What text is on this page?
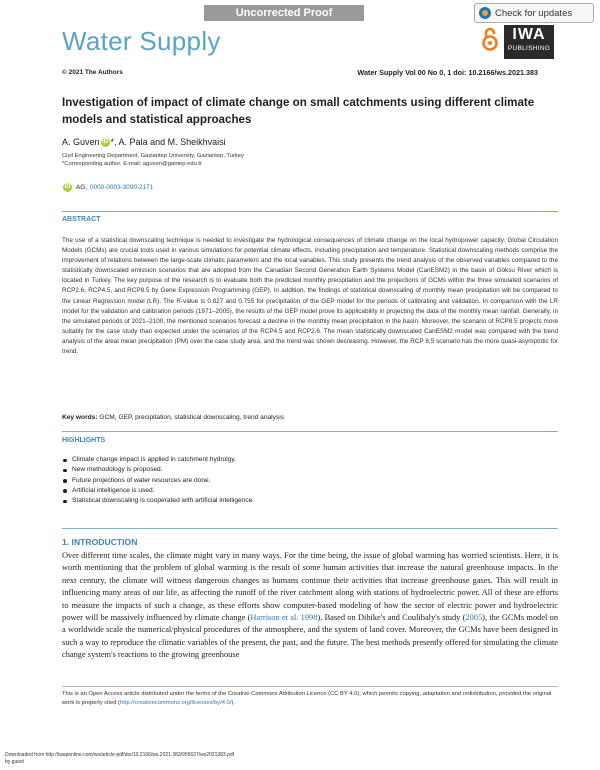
Uncorrected Proof	Check for updates
Water Supply	IWA
PUBLISHING
© 2021 The Authors	Water Supply Vol 00 No 0, 1 doi: 10.2166/ws.2021.383
Investigation of impact of climate change on small catchments using different climate models and statistical approaches
A. Guven iD * , A. Pala and M. Sheikhvaisi
Civil Engineering Department, Gaziantep University, Gaziantep, Turkey
*Corresponding author. E-mail: aguven@gantep.edu.tr
iD AG, 0000-0003-3090-2171
ABSTRACT
The use of a statistical downscaling technique is needed to investigate the hydrological consequences of climate change on the local hydropower capacity. Global Circulation Models (GCMs) are crucial tools used in various simulations for potential climate effects, including precipitation and temperature. Statistical downscaling methods comprise the improvement of relations between the large-scale climatic parameters and the local variables. This study presents the trend analysis of the observed variables compared to the statistically downscaled emission scenarios that are adopted from the Canadian Second Generation Earth Systems Model (CanESM2) in the basin of Göksu River which is located in Turkey. The key purpose of the research is to evaluate both the predicted monthly precipitation and the projections of GCMs within the three simulated scenarios of RCP2.6, RCP4.5, and RCP8.5 by Gene Expression Programming (GEP). In addition, the findings of statistical downscaling of monthly mean precipitation will be compared to the Linear Regression model (LR). The R-value is 0.827 and 0.755 for precipitation of the GEP model for the periods of calibrating and validation. In comparison with the LR model for the validation and calibration periods (1971–2005), the results of the GEP model prove its applicability in projecting the data of the monthly mean rainfall. Generally, in the simulated periods of 2021–2100, the mentioned scenarios forecast a decline in the monthly mean precipitation in the basin. Moreover, the scenario of RCP8.5 projects more suitably for the case study than expected under the scenarios of the RCP4.5 and RCP2.6. The mean statistically downscaled CanESM2 model was compared with the trend analysis of the areal mean precipitation (PM) over the case study area, and the trend was shown decreasing. However, the RCP 8.5 scenario has the more quasi-asymptotic for trend.
Key words: GCM, GEP, precipitation, statistical downscaling, trend analysis
HIGHLIGHTS
Climate change impact is applied in catchment hydrolgy.
New methodology is proposed.
Future projections of water resources are done.
Artificial intelligence is used.
Statistical downscaling is cooperated with artificial intelligence.
1. INTRODUCTION
Over different time scales, the climate might vary in many ways. For the time being, the issue of global warming has worried scientists. Here, it is worth mentioning that the problem of global warming is the result of some human activities that increase the natural greenhouse impacts. In the next century, the climate will witness dangerous changes as humans continue their activities that increase greenhouse gases. This will result in influencing many areas of our life, as affecting the runoff of the river catchment along with stations of hydroelectric power. All of these are efforts to measure the impacts of such a change, as these efforts show computer-based modeling of how the sector of electric power and hydroelectric power will be massively influenced by climate change (Harrison et al. 1998). Based on Dibike's and Coulibaly's study (2005), the GCMs model on a worldwide scale the numerical/physical procedures of the atmosphere, and the system of land cover. Moreover, the GCMs have been designed in such a way to reproduce the climatic variables of the present, the past, and the future. The best methods presently offered for simulating the climate change system's reactions to the growing greenhouse
This is an Open Access article distributed under the terms of the Creative Commons Attribution Licence (CC BY 4.0), which permits copying, adaptation and redistribution, provided the original work is properly cited (http://creativecommons.org/licenses/by/4.0/).
Downloaded from http://iwaponline.com/ws/article-pdf/doi/10.2166/ws.2021.383/955637/ws2021383.pdf
by guest
